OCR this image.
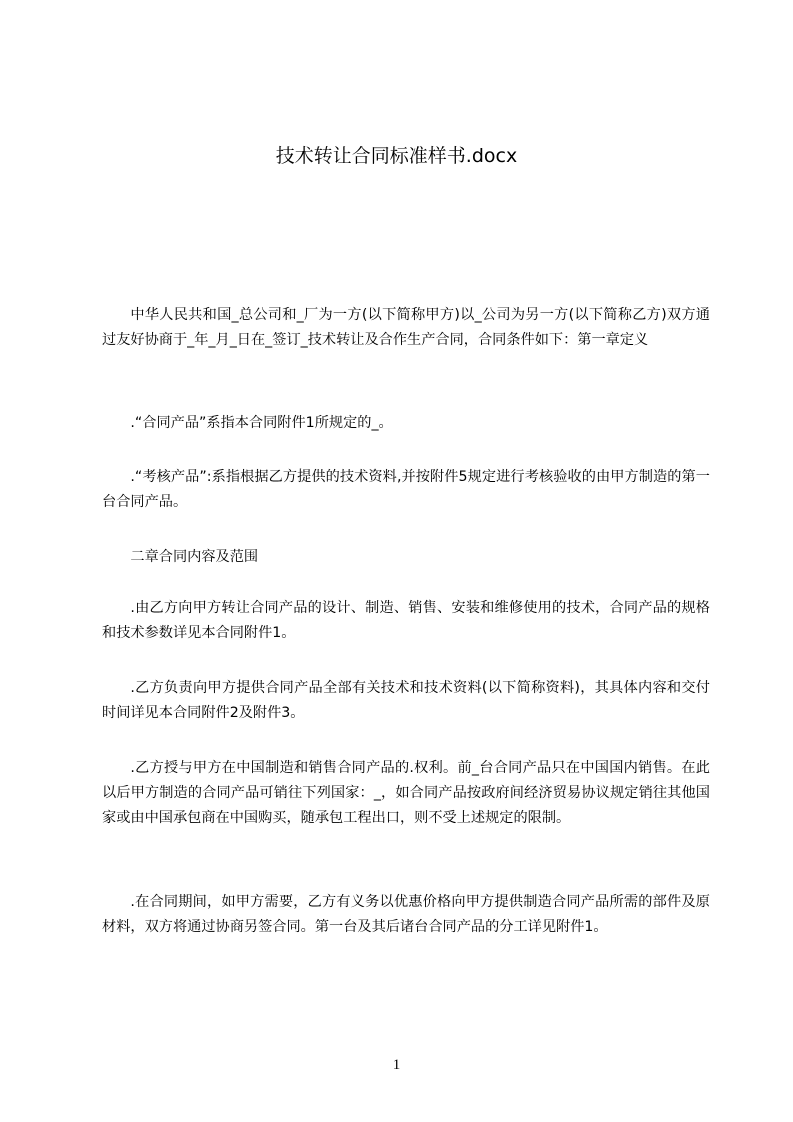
技术转让合同标准样书.docx

中华人民共和国_总公司和_厂为一方(以下简称甲方)以_公司为另一方(以下简称乙方)双方通过友好协商于_年_月_日在_签订_技术转让及合作生产合同，合同条件如下：第一章定义

.“合同产品”系指本合同附件1所规定的_。

.“考核产品”:系指根据乙方提供的技术资料,并按附件5规定进行考核验收的由甲方制造的第一台合同产品。

二章合同内容及范围

.由乙方向甲方转让合同产品的设计、制造、销售、安装和维修使用的技术，合同产品的规格和技术参数详见本合同附件1。

.乙方负责向甲方提供合同产品全部有关技术和技术资料(以下简称资料)，其具体内容和交付时间详见本合同附件2及附件3。

.乙方授与甲方在中国制造和销售合同产品的.权利。前_台合同产品只在中国国内销售。在此以后甲方制造的合同产品可销往下列国家：_，如合同产品按政府间经济贸易协议规定销往其他国家或由中国承包商在中国购买，随承包工程出口，则不受上述规定的限制。

.在合同期间，如甲方需要，乙方有义务以优惠价格向甲方提供制造合同产品所需的部件及原材料，双方将通过协商另签合同。第一台及其后诸台合同产品的分工详见附件1。

1
